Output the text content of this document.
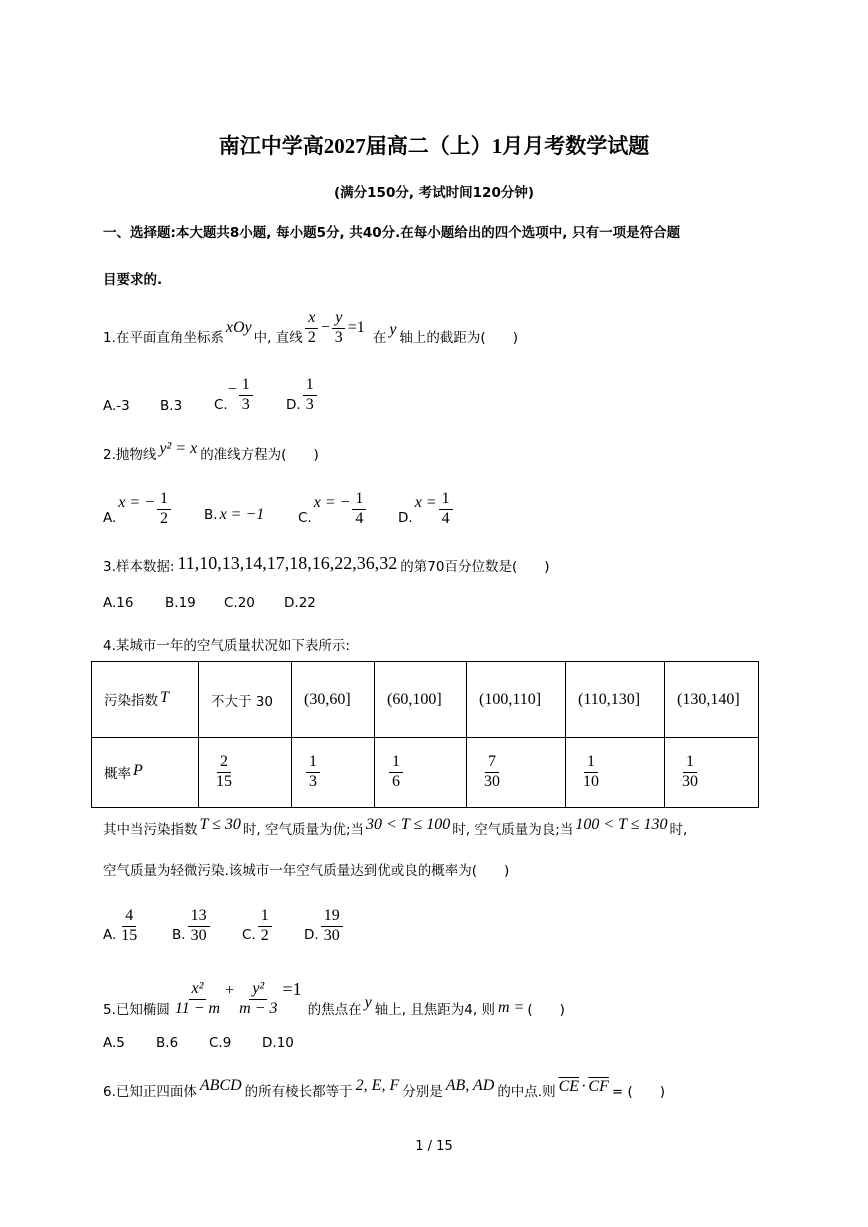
南江中学高2027届高二（上）1月月考数学试题
(满分150分, 考试时间120分钟)
一、选择题:本大题共8小题, 每小题5分, 共40分.在每小题给出的四个选项中, 只有一项是符合题
目要求的.
1.在平面直角坐标系
xOy
中, 直线 $\frac{x}{2} - \frac{y}{3} =1$
在 y 轴上的截距为(　　)
A.-3 B.3 C.
− $\frac{1}{3} D$. $\frac{1}{3}$
2.抛物线 y² = x 的准线方程为(　　)
A.
x = − $\frac{1}{2} B$. x = −1 C.
x = − $\frac{1}{4} D$.
$x = \frac{1}{4}$
3.样本数据: 11,10,13,14,17,18,16,22,36,32 的第70百分位数是(　　)
A.16 B.19 C.20 D.22
4.某城市一年的空气质量状况如下表所示:
污染指数 T	不大于 30	(30,60]	(60,100]	(100,110]	(110,130]	(130,140]
概率 P	$\frac{2}{15}$	$\frac{1}{3}$	$\frac{1}{6}$	$\frac{7}{30}$	$\frac{1}{10}$	$\frac{1}{30}$
其中当污染指数 T ≤ 30 时, 空气质量为优;当 30 < T ≤ 100 时, 空气质量为良;当 100 < T ≤ 130 时,
空气质量为轻微污染.该城市一年空气质量达到优或良的概率为(　　)
A. $\frac{4}{15} B$. $\frac{13}{30} C$. $\frac{1}{2} D$. $\frac{19}{30}$
5.已知椭圆 $\frac{\text{x²}}{11 - m} + \frac{\text{y²}}{m - 3} =1$
的焦点在 y 轴上, 且焦距为4, 则 m = (　　)
A.5 B.6 C.9 D.10
6.已知正四面体 ABCD 的所有棱长都等于 2, E, F 分别是 AB, AD 的中点.则 $\overline{CE} \cdot \overline{CF}$ = (　　)
1 / 15
